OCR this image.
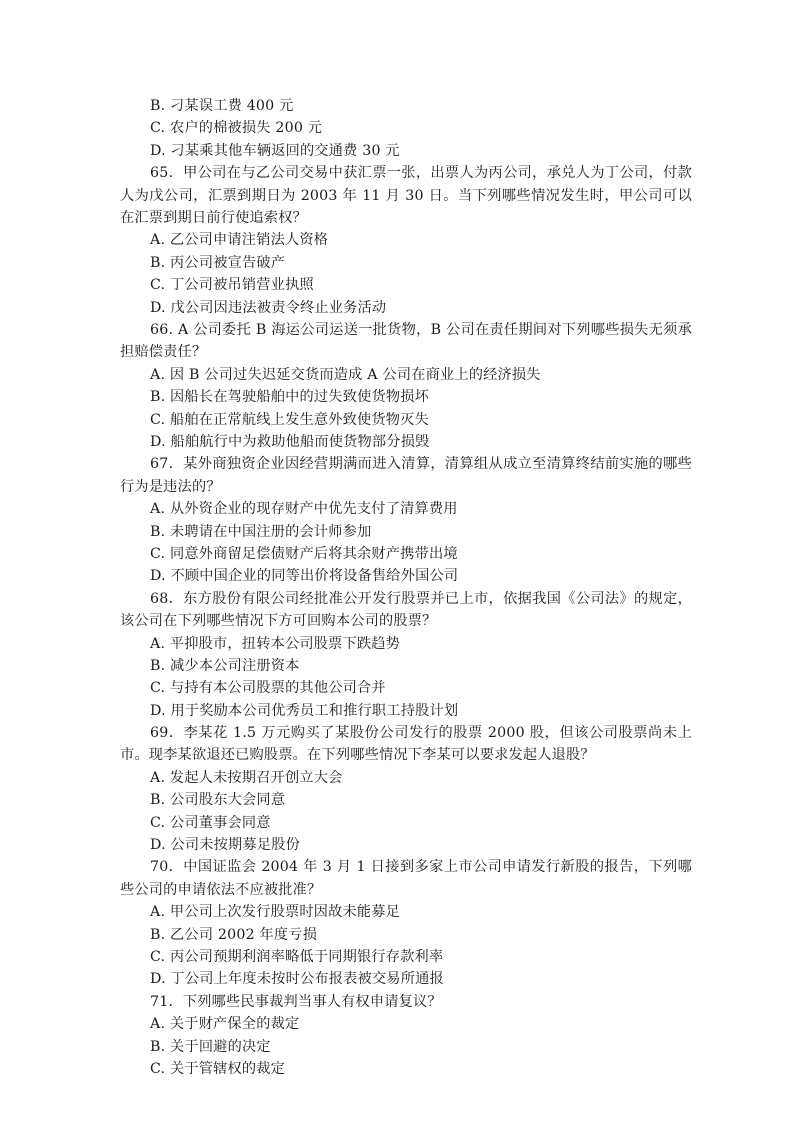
B. 刁某误工费 400 元
C. 农户的棉被损失 200 元
D. 刁某乘其他车辆返回的交通费 30 元
65．甲公司在与乙公司交易中获汇票一张，出票人为丙公司，承兑人为丁公司，付款人为戊公司，汇票到期日为 2003 年 11 月 30 日。当下列哪些情况发生时，甲公司可以在汇票到期日前行使追索权？
A. 乙公司申请注销法人资格
B. 丙公司被宣告破产
C. 丁公司被吊销营业执照
D. 戊公司因违法被责令终止业务活动
66. A 公司委托 B 海运公司运送一批货物，B 公司在责任期间对下列哪些损失无须承担赔偿责任？
A. 因 B 公司过失迟延交货而造成 A 公司在商业上的经济损失
B. 因船长在驾驶船舶中的过失致使货物损坏
C. 船舶在正常航线上发生意外致使货物灭失
D. 船舶航行中为救助他船而使货物部分损毁
67．某外商独资企业因经营期满而进入清算，清算组从成立至清算终结前实施的哪些行为是违法的？
A. 从外资企业的现存财产中优先支付了清算费用
B. 未聘请在中国注册的会计师参加
C. 同意外商留足偿债财产后将其余财产携带出境
D. 不顾中国企业的同等出价将设备售给外国公司
68．东方股份有限公司经批准公开发行股票并已上市，依据我国《公司法》的规定，该公司在下列哪些情况下方可回购本公司的股票？
A. 平抑股市，扭转本公司股票下跌趋势
B. 减少本公司注册资本
C. 与持有本公司股票的其他公司合并
D. 用于奖励本公司优秀员工和推行职工持股计划
69．李某花 1.5 万元购买了某股份公司发行的股票 2000 股，但该公司股票尚未上市。现李某欲退还已购股票。在下列哪些情况下李某可以要求发起人退股？
A. 发起人未按期召开创立大会
B. 公司股东大会同意
C. 公司董事会同意
D. 公司未按期募足股份
70．中国证监会 2004 年 3 月 1 日接到多家上市公司申请发行新股的报告，下列哪些公司的申请依法不应被批准？
A. 甲公司上次发行股票时因故未能募足
B. 乙公司 2002 年度亏损
C. 丙公司预期利润率略低于同期银行存款利率
D. 丁公司上年度未按时公布报表被交易所通报
71．下列哪些民事裁判当事人有权申请复议？
A. 关于财产保全的裁定
B. 关于回避的决定
C. 关于管辖权的裁定
